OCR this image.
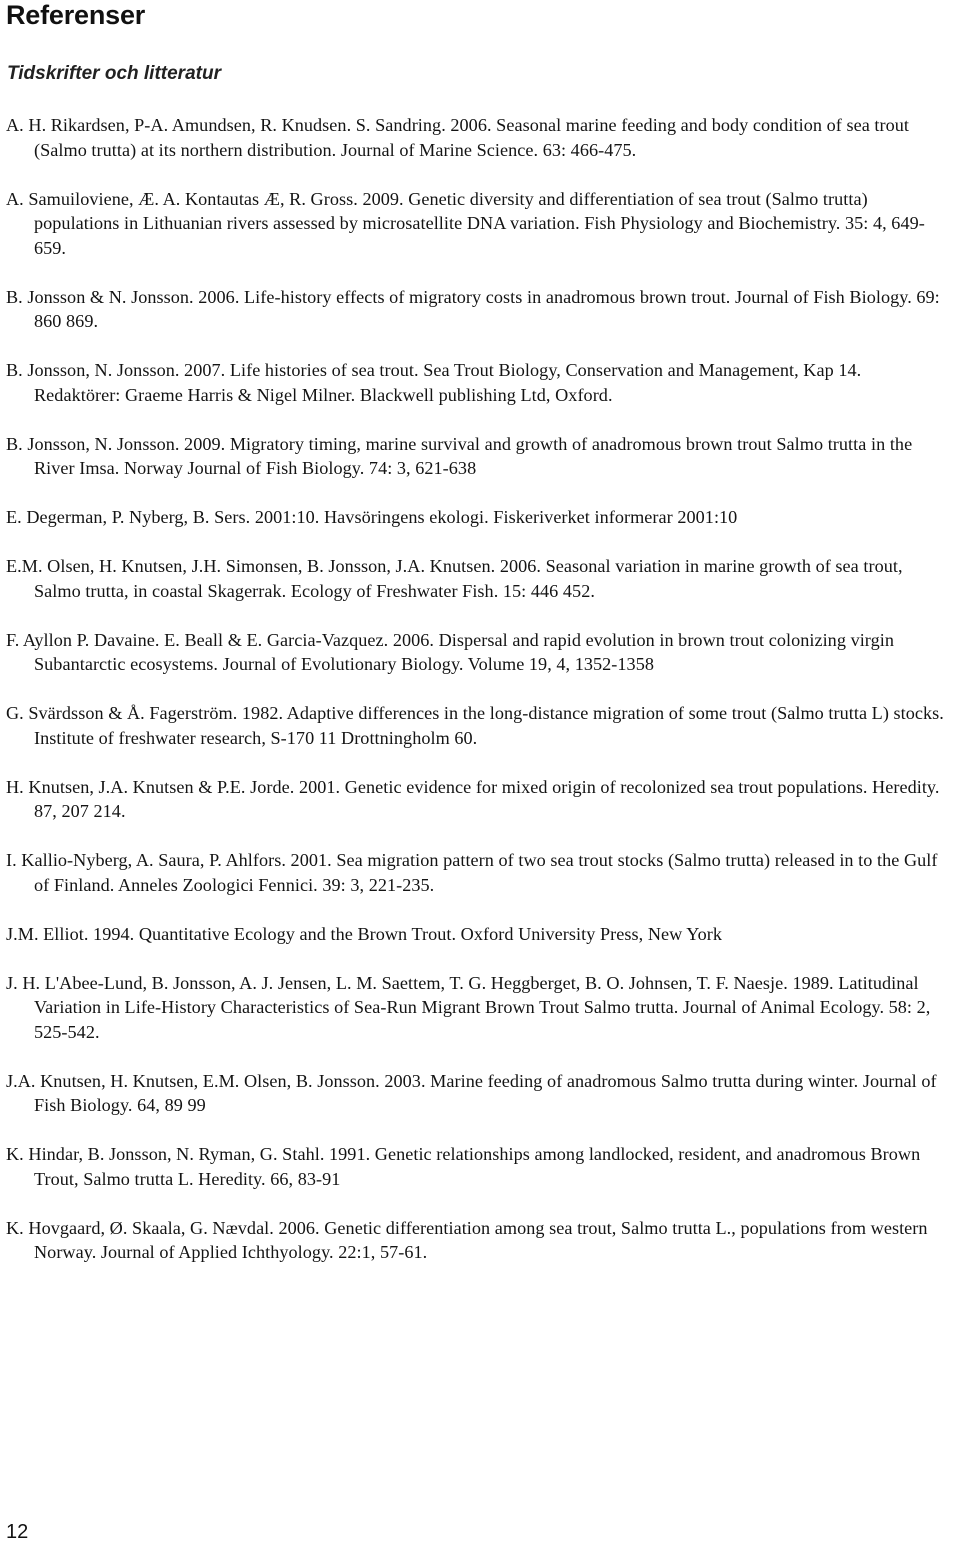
Referenser
Tidskrifter och litteratur
A. H. Rikardsen, P-A. Amundsen, R. Knudsen. S. Sandring. 2006. Seasonal marine feeding and body condition of sea trout (Salmo trutta) at its northern distribution. Journal of Marine Science. 63: 466-475.
A. Samuiloviene, Æ. A. Kontautas Æ, R. Gross. 2009. Genetic diversity and differentiation of sea trout (Salmo trutta) populations in Lithuanian rivers assessed by microsatellite DNA variation. Fish Physiology and Biochemistry. 35: 4, 649-659.
B. Jonsson & N. Jonsson. 2006. Life-history effects of migratory costs in anadromous brown trout. Journal of Fish Biology. 69: 860 869.
B. Jonsson, N. Jonsson. 2007. Life histories of sea trout. Sea Trout Biology, Conservation and Management, Kap 14. Redaktörer: Graeme Harris & Nigel Milner. Blackwell publishing Ltd, Oxford.
B. Jonsson, N. Jonsson. 2009. Migratory timing, marine survival and growth of anadromous brown trout Salmo trutta in the River Imsa. Norway Journal of Fish Biology. 74: 3, 621-638
E. Degerman, P. Nyberg, B. Sers. 2001:10. Havsöringens ekologi. Fiskeriverket informerar 2001:10
E.M. Olsen, H. Knutsen, J.H. Simonsen, B. Jonsson, J.A. Knutsen. 2006. Seasonal variation in marine growth of sea trout, Salmo trutta, in coastal Skagerrak. Ecology of Freshwater Fish. 15: 446 452.
F. Ayllon P. Davaine. E. Beall & E. Garcia-Vazquez. 2006. Dispersal and rapid evolution in brown trout colonizing virgin Subantarctic ecosystems. Journal of Evolutionary Biology. Volume 19, 4, 1352-1358
G. Svärdsson & Å. Fagerström. 1982. Adaptive differences in the long-distance migration of some trout (Salmo trutta L) stocks. Institute of freshwater research, S-170 11 Drottningholm 60.
H. Knutsen, J.A. Knutsen & P.E. Jorde. 2001. Genetic evidence for mixed origin of recolonized sea trout populations. Heredity. 87, 207 214.
I. Kallio-Nyberg, A. Saura, P. Ahlfors. 2001. Sea migration pattern of two sea trout stocks (Salmo trutta) released in to the Gulf of Finland. Anneles Zoologici Fennici. 39: 3, 221-235.
J.M. Elliot. 1994. Quantitative Ecology and the Brown Trout. Oxford University Press, New York
J. H. L'Abee-Lund, B. Jonsson, A. J. Jensen, L. M. Saettem, T. G. Heggberget, B. O. Johnsen, T. F. Naesje. 1989. Latitudinal Variation in Life-History Characteristics of Sea-Run Migrant Brown Trout Salmo trutta. Journal of Animal Ecology. 58: 2, 525-542.
J.A. Knutsen, H. Knutsen, E.M. Olsen, B. Jonsson. 2003. Marine feeding of anadromous Salmo trutta during winter. Journal of Fish Biology. 64, 89 99
K. Hindar, B. Jonsson, N. Ryman, G. Stahl. 1991. Genetic relationships among landlocked, resident, and anadromous Brown Trout, Salmo trutta L. Heredity. 66, 83-91
K. Hovgaard, Ø. Skaala, G. Nævdal. 2006. Genetic differentiation among sea trout, Salmo trutta L., populations from western Norway. Journal of Applied Ichthyology. 22:1, 57-61.
12
